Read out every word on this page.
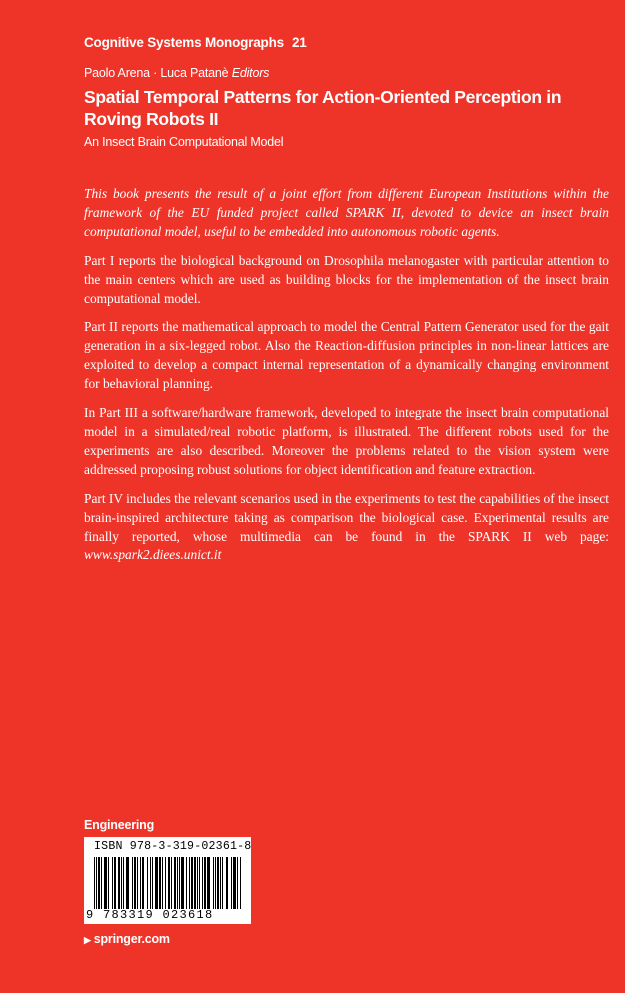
Cognitive Systems Monographs 21
Paolo Arena · Luca Patanè Editors
Spatial Temporal Patterns for Action-Oriented Perception in Roving Robots II
An Insect Brain Computational Model

This book presents the result of a joint effort from different European Institutions within the framework of the EU funded project called SPARK II, devoted to device an insect brain computational model, useful to be embedded into autonomous robotic agents.

Part I reports the biological background on Drosophila melanogaster with particular attention to the main centers which are used as building blocks for the implementation of the insect brain computational model.

Part II reports the mathematical approach to model the Central Pattern Generator used for the gait generation in a six-legged robot. Also the Reaction-diffusion principles in non-linear lattices are exploited to develop a compact internal representation of a dynamically changing environment for behavioral planning.

In Part III a software/hardware framework, developed to integrate the insect brain computational model in a simulated/real robotic platform, is illustrated. The different robots used for the experiments are also described. Moreover the problems related to the vision system were addressed proposing robust solutions for object identification and feature extraction.

Part IV includes the relevant scenarios used in the experiments to test the capabilities of the insect brain-inspired architecture taking as comparison the biological case. Experimental results are finally reported, whose multimedia can be found in the SPARK II web page: www.spark2.diees.unict.it

Engineering
ISBN 978-3-319-02361-8
9 783319 023618
▶ springer.com
